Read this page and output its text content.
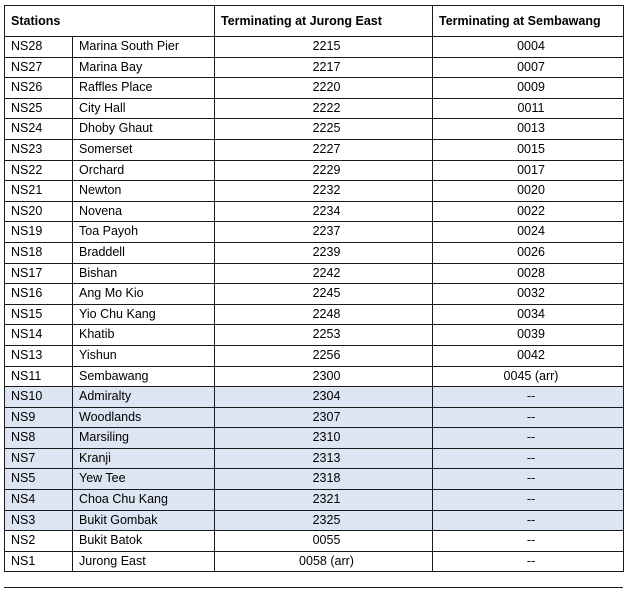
Stations		Terminating at Jurong East	Terminating at Sembawang
NS28	Marina South Pier	2215	0004
NS27	Marina Bay	2217	0007
NS26	Raffles Place	2220	0009
NS25	City Hall	2222	0011
NS24	Dhoby Ghaut	2225	0013
NS23	Somerset	2227	0015
NS22	Orchard	2229	0017
NS21	Newton	2232	0020
NS20	Novena	2234	0022
NS19	Toa Payoh	2237	0024
NS18	Braddell	2239	0026
NS17	Bishan	2242	0028
NS16	Ang Mo Kio	2245	0032
NS15	Yio Chu Kang	2248	0034
NS14	Khatib	2253	0039
NS13	Yishun	2256	0042
NS11	Sembawang	2300	0045 (arr)
NS10	Admiralty	2304	--
NS9	Woodlands	2307	--
NS8	Marsiling	2310	--
NS7	Kranji	2313	--
NS5	Yew Tee	2318	--
NS4	Choa Chu Kang	2321	--
NS3	Bukit Gombak	2325	--
NS2	Bukit Batok	0055	--
NS1	Jurong East	0058 (arr)	--
